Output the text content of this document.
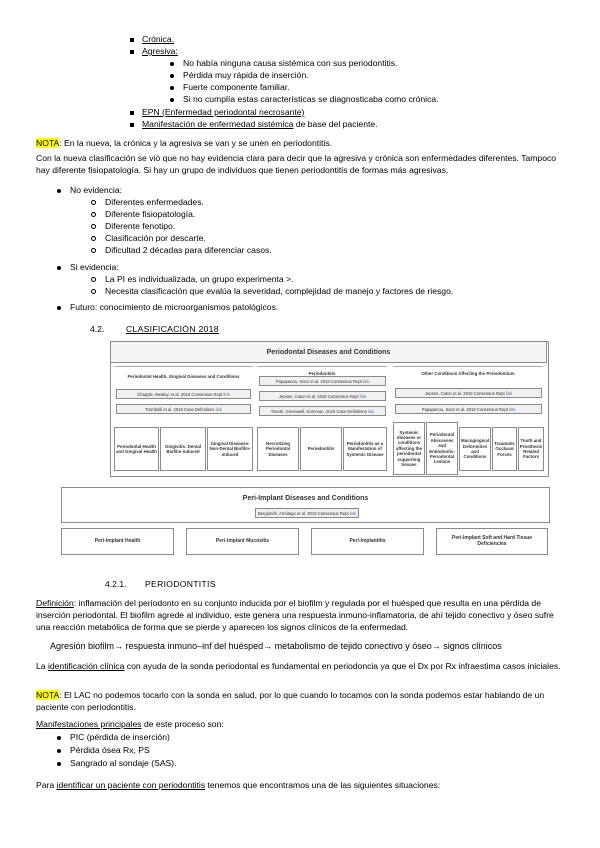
Crónica.
Agresiva:
No había ninguna causa sistémica con sus periodontitis.
Pérdida muy rápida de inserción.
Fuerte componente familiar.
Si no cumplía estas características se diagnosticaba como crónica.
EPN (Enfermedad periodontal necrosante)
Manifestación de enfermedad sistémica de base del paciente.
NOTA: En la nueva, la crónica y la agresiva se van y se unen en periodontitis.
Con la nueva clasificación se vió que no hay evidencia clara para decir que la agresiva y crónica son enfermedades diferentes. Tampoco hay diferente fisiopatología. Si hay un grupo de individuos que tienen periodontitis de formas más agresivas.
No evidencia:
Diferentes enfermedades.
Diferente fisiopatología.
Diferente fenotipo.
Clasificación por descarte.
Dificultad 2 décadas para diferenciar casos.
Si evidencia:
La PI es individualizada, un grupo experimenta >.
Necesita clasificación que evalúa la severidad, complejidad de manejo y factores de riesgo.
Futuro: conocimiento de microorganismos patológicos.
4.2.	CLASIFICACIÓN 2018
Periodontal Diseases and Conditions
Periodontal Health, Gingival Diseases and Conditions
Periodontitis	Other Conditions Affecting the Periodontium
Chapple, Mealey, et al. 2018 Consensus Rept link
Trombelli et al. 2018 Case Definitions link
Papapanou, Sanz et al. 2018 Consensus Rept link
Jepsen, Caton et al. 2018 Consensus Rept link
Tonetti, Greenwell, Kornman. 2018 Case Definitions link
Jepsen, Caton et al. 2018 Consensus Rept link
Papapanou, Sanz et al. 2018 Consensus Rept link
Periodontal Health and Gingival Health
Gingivitis: Dental Biofilm-induced
Gingival Diseases: Non-Dental Biofilm-induced
Necrotizing Periodontal Diseases
Periodontitis
Periodontitis as a Manifestation of Systemic Disease
Systemic diseases or conditions affecting the periodontal supporting tissues
Periodontal Abscesses and Endodontic-Periodontal Lesions
Mucogingival Deformities and Conditions
Traumatic Occlusal Forces
Tooth and Prosthesis Related Factors
Peri-Implant Diseases and Conditions
Berglundh, Armitage et al. 2018 Consensus Rept link
Peri-Implant Health	Peri-Implant Mucositis	Peri-Implantitis	Peri-Implant Soft and Hard Tissue Deficiencies
4.2.1. PERIODONTITIS
Definición: inflamación del periodonto en su conjunto inducida por el biofilm y regulada por el huésped que resulta en una pérdida de inserción periodontal. El biofilm agrede al individuo, este genera una respuesta inmuno-inflamatoria, de ahí tejido conectivo y óseo sufre una reacción metabólica de forma que se pierde y aparecen los signos clínicos de la enfermedad.
Agresión biofilm→ respuesta inmuno–inf del huésped→ metabolismo de tejido conectivo y óseo→ signos clínicos
La identificación clínica con ayuda de la sonda periodontal es fundamental en periodoncia ya que el Dx por Rx infraestima casos iniciales.
NOTA: El LAC no podemos tocarlo con la sonda en salud, por lo que cuando lo tocamos con la sonda podemos estar hablando de un paciente con periodontitis.
Manifestaciones principales de este proceso son:
PIC (pérdida de inserción)
Pérdida ósea Rx, PS
Sangrado al sondaje (SAS).
Para identificar un paciente con periodontitis tenemos que encontramos una de las siguientes situaciones:
